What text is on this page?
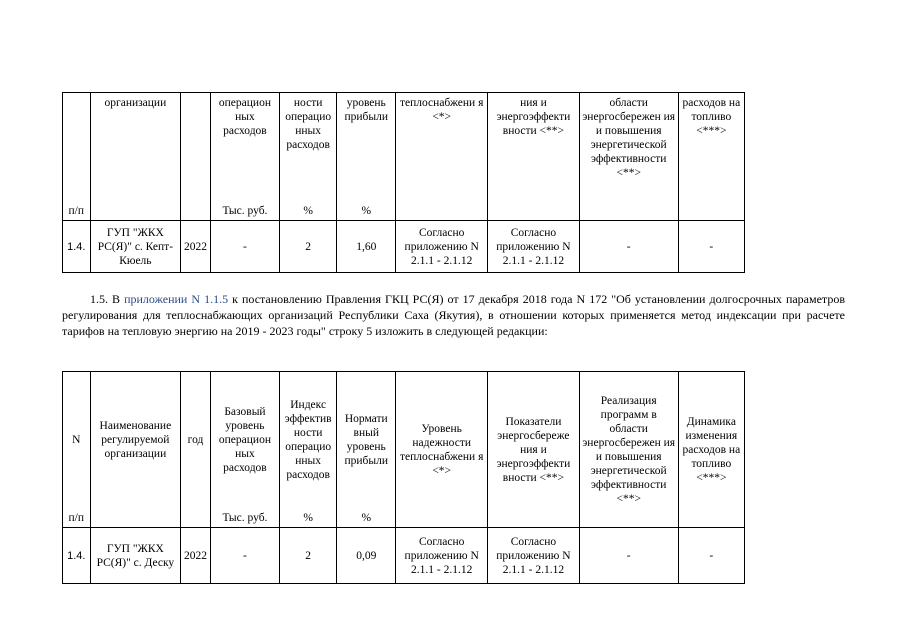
	организации		операцион ных расходов	ности операцио нных расходов	уровень прибыли	теплоснабжени я <*>	ния и энергоэффекти вности <**>	области энергосбережен ия и повышения энергетической эффективности <**>	расходов на топливо <***>
п/п			Тыс. руб.	%	%				
1.4.	ГУП "ЖКХ РС(Я)" с. Кепт-Кюель	2022	-	2	1,60	Согласно приложению N 2.1.1 - 2.1.12	Согласно приложению N 2.1.1 - 2.1.12	-	-

1.5. В приложении N 1.1.5 к постановлению Правления ГКЦ РС(Я) от 17 декабря 2018 года N 172 "Об установлении долгосрочных параметров регулирования для теплоснабжающих организаций Республики Саха (Якутия), в отношении которых применяется метод индексации при расчете тарифов на тепловую энергию на 2019 - 2023 годы" строку 5 изложить в следующей редакции:

N	Наименование регулируемой организации	год	Базовый уровень операцион ных расходов	Индекс эффектив ности операцио нных расходов	Нормати вный уровень прибыли	Уровень надежности теплоснабжени я <*>	Показатели энергосбереже ния и энергоэффекти вности <**>	Реализация программ в области энергосбережен ия и повышения энергетической эффективности <**>	Динамика изменения расходов на топливо <***>
п/п			Тыс. руб.	%	%				
1.4.	ГУП "ЖКХ РС(Я)" с. Деску	2022	-	2	0,09	Согласно приложению N 2.1.1 - 2.1.12	Согласно приложению N 2.1.1 - 2.1.12	-	-
